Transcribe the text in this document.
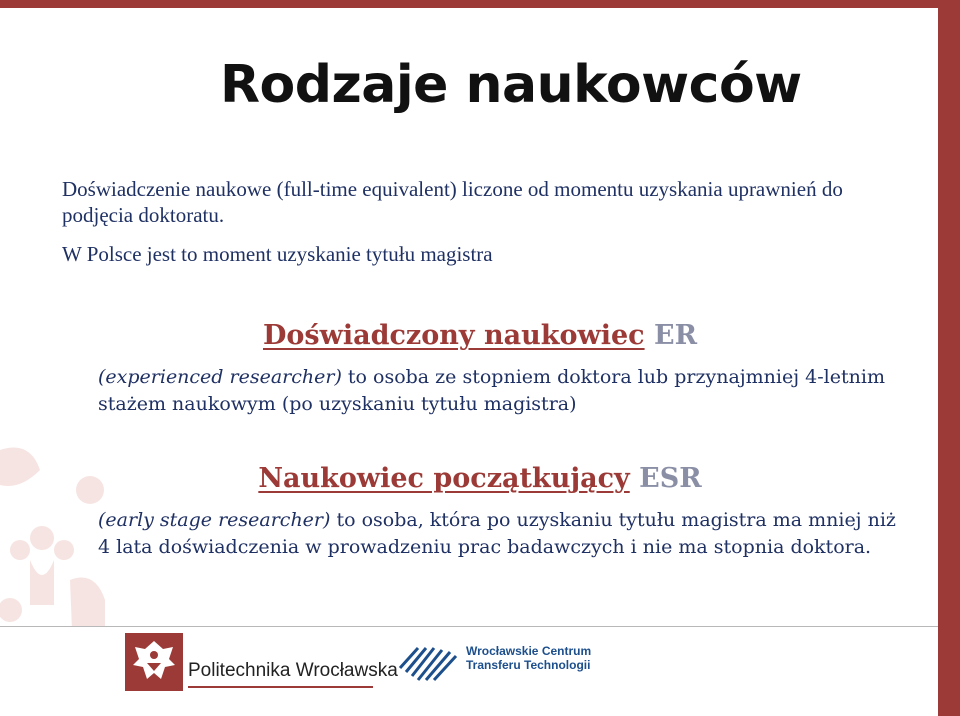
Rodzaje naukowców

Doświadczenie naukowe (full-time equivalent) liczone od momentu uzyskania uprawnień do podjęcia doktoratu.

W Polsce jest to moment uzyskanie tytułu magistra

Doświadczony naukowiec ER

(experienced researcher) to osoba ze stopniem doktora lub przynajmniej 4-letnim stażem naukowym (po uzyskaniu tytułu magistra)

Naukowiec początkujący ESR

(early stage researcher) to osoba, która po uzyskaniu tytułu magistra ma mniej niż 4 lata doświadczenia w prowadzeniu prac badawczych i nie ma stopnia doktora.

Politechnika Wrocławska
Wrocławskie Centrum
Transferu Technologii
